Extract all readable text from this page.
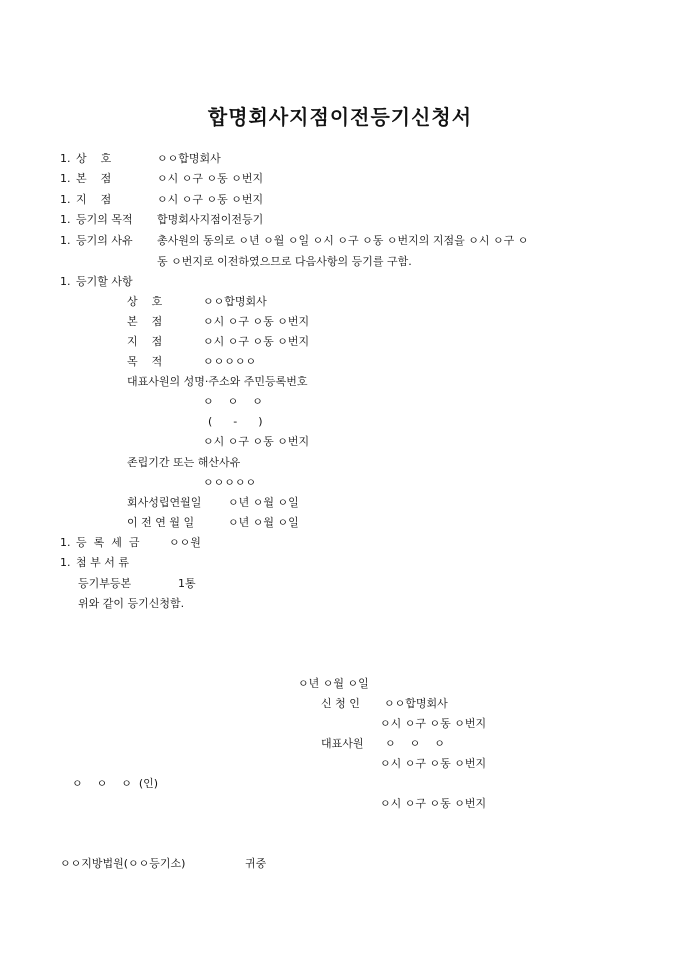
합명회사지점이전등기신청서
1. 상    호	ㅇㅇ합명회사
1. 본    점	ㅇ시 ㅇ구 ㅇ동 ㅇ번지
1. 지    점	ㅇ시 ㅇ구 ㅇ동 ㅇ번지
1. 등기의 목적 합명회사지점이전등기
1. 등기의 사유 총사원의 동의로 ㅇ년 ㅇ월 ㅇ일 ㅇ시 ㅇ구 ㅇ동 ㅇ번지의 지점을 ㅇ시 ㅇ구 ㅇ
동 ㅇ번지로 이전하였으므로 다음사항의 등기를 구함.
1. 등기할 사항
상    호	ㅇㅇ합명회사
본    점	ㅇ시 ㅇ구 ㅇ동 ㅇ번지
지    점	ㅇ시 ㅇ구 ㅇ동 ㅇ번지
목    적	ㅇㅇㅇㅇㅇ
대표사원의 성명·주소와 주민등록번호
ㅇ    ㅇ    ㅇ
(      -      )
ㅇ시 ㅇ구 ㅇ동 ㅇ번지
존립기간 또는 해산사유
ㅇㅇㅇㅇㅇ
회사성립연월일 ㅇ년 ㅇ월 ㅇ일
이 전 연 월 일	ㅇ년 ㅇ월 ㅇ일
1. 등  록  세  금	ㅇㅇ원
1. 첨 부 서 류
등기부등본	1통
위와 같이 등기신청함.
ㅇ년 ㅇ월 ㅇ일
신 청 인 ㅇㅇ합명회사
ㅇ시 ㅇ구 ㅇ동 ㅇ번지
대표사원 ㅇ    ㅇ    ㅇ
ㅇ시 ㅇ구 ㅇ동 ㅇ번지
ㅇ    ㅇ    ㅇ  (인)
ㅇ시 ㅇ구 ㅇ동 ㅇ번지
ㅇㅇ지방법원(ㅇㅇ등기소)	귀중
